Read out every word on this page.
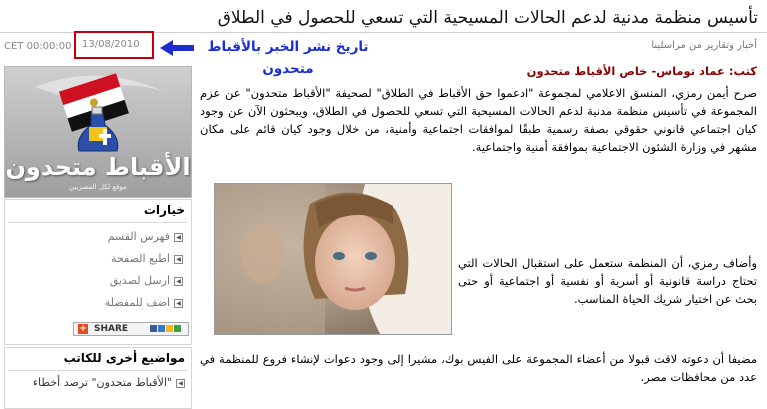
تأسيس منظمة مدنية لدعم الحالات المسيحية التي تسعي للحصول في الطلاق
CET 00:00:00	13/08/2010	تاريخ نشر الخبر بالأقباط متحدون
أخبار وتقارير من مراسلينا
الأقباط متحدون
موقع لكل المصريين
خيارات
◀فهرس القسم
◀اطبع الصفحة
◀ارسل لصديق
◀اضف للمفضلة
+ SHARE
مواضيع أخرى للكاتب
◀"الأقباط متحدون" ترصد أخطاء
كتب: عماد توماس- خاص الأقباط متحدون
صرح أيمن رمزي، المنسق الاعلامي لمجموعة "ادعموا حق الأقباط في الطلاق" لصحيفة "الأقباط متحدون" عن عزم المجموعة في تأسيس منظمة مدنية لدعم الحالات المسيحية التي تسعي للحصول في الطلاق، ويبحثون الآن عن وجود كيان اجتماعي قانوني حقوقي بصفة رسمية طبقًا لموافقات اجتماعية وأمنية، من خلال وجود كيان قائم على مكان مشهر في وزارة الشئون الاجتماعية بموافقة أمنية واجتماعية.
وأضاف رمزي، أن المنظمة ستعمل على استقبال الحالات التي تحتاج دراسة قانونية أو أسرية أو نفسية أو اجتماعية أو حتى بحث عن اختيار شريك الحياة المناسب.
مضيفا أن دعوته لاقت قبولا من أعضاء المجموعة على الفيس بوك، مشيرا إلى وجود دعوات لإنشاء فروع للمنظمة في عدد من محافظات مصر.
